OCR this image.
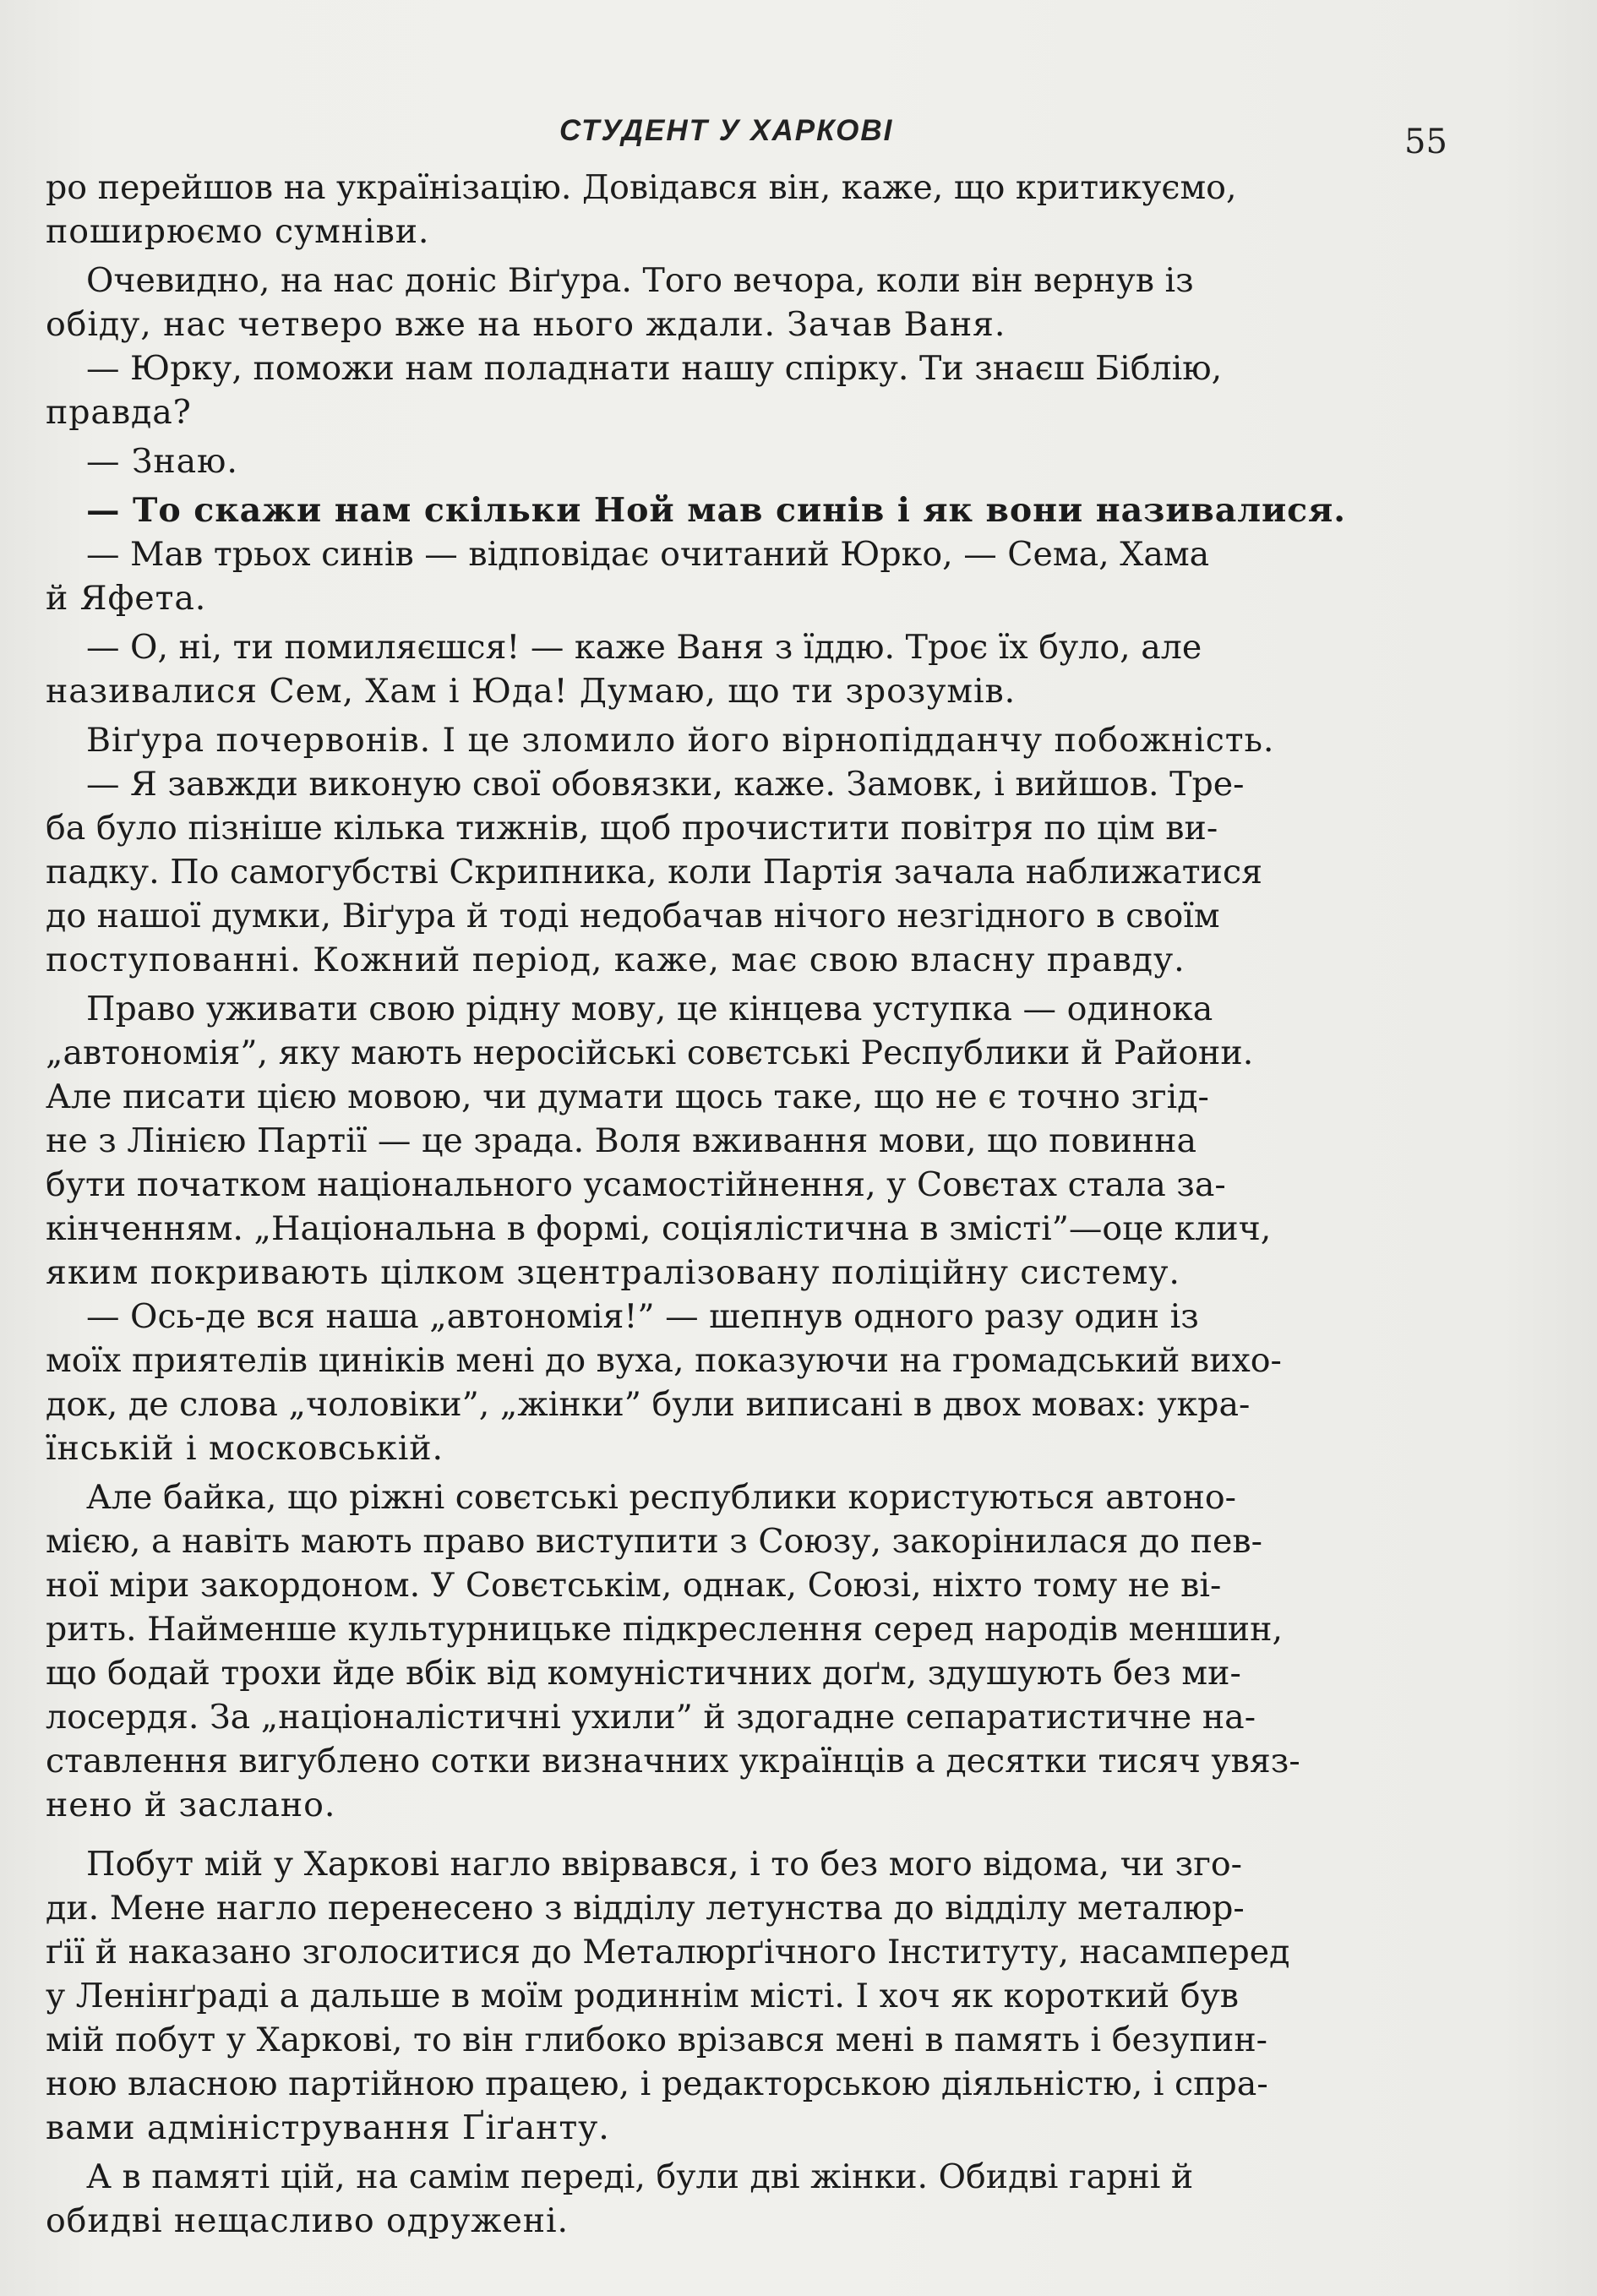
СТУДЕНТ У ХАРКОВІ	55
ро перейшов на українізацію. Довідався він, каже, що критикуємо,
поширюємо сумніви.
Очевидно, на нас доніс Віґура. Того вечора, коли він вернув із
обіду, нас четверо вже на нього ждали. Зачав Ваня.
— Юрку, поможи нам поладнати нашу спірку. Ти знаєш Біблію,
правда?
— Знаю.
— То скажи нам скільки Ной мав синів і як вони називалися.
— Мав трьох синів — відповідає очитаний Юрко, — Сема, Хама
й Яфета.
— О, ні, ти помиляєшся! — каже Ваня з їддю. Троє їх було, але
називалися Сем, Хам і Юда! Думаю, що ти зрозумів.
Віґура почервонів. І це зломило його вірнопідданчу побожність.
— Я завжди виконую свої обовязки, каже. Замовк, і вийшов. Тре-
ба було пізніше кілька тижнів, щоб прочистити повітря по цім ви-
падку. По самогубстві Скрипника, коли Партія зачала наближатися
до нашої думки, Віґура й тоді недобачав нічого незгідного в своїм
поступованні. Кожний період, каже, має свою власну правду.
Право уживати свою рідну мову, це кінцева уступка — одинока
„автономія”, яку мають неросійські совєтські Республики й Райони.
Але писати цією мовою, чи думати щось таке, що не є точно згід-
не з Лінією Партії — це зрада. Воля вживання мови, що повинна
бути початком національного усамостійнення, у Совєтах стала за-
кінченням. „Національна в формі, соціялістична в змісті”—оце клич,
яким покривають цілком зцентралізовану поліційну систему.
— Ось-де вся наша „автономія!” — шепнув одного разу один із
моїх приятелів циніків мені до вуха, показуючи на громадський вихо-
док, де слова „чоловіки”, „жінки” були виписані в двох мовах: укра-
їнській і московській.
Але байка, що ріжні совєтські республики користуються автоно-
мією, а навіть мають право виступити з Союзу, закорінилася до пев-
ної міри закордоном. У Совєтськім, однак, Союзі, ніхто тому не ві-
рить. Найменше культурницьке підкреслення серед народів меншин,
що бодай трохи йде вбік від комуністичних доґм, здушують без ми-
лосердя. За „націоналістичні ухили” й здогадне сепаратистичне на-
ставлення вигублено сотки визначних українців а десятки тисяч увяз-
нено й заслано.
Побут мій у Харкові нагло ввірвався, і то без мого відома, чи зго-
ди. Мене нагло перенесено з відділу летунства до відділу металюр-
ґії й наказано зголоситися до Металюрґічного Інституту, насамперед
у Ленінґраді а дальше в моїм родиннім місті. І хоч як короткий був
мій побут у Харкові, то він глибоко врізався мені в память і безупин-
ною власною партійною працею, і редакторською діяльністю, і спра-
вами адміністрування Ґіґанту.
А в памяті цій, на самім переді, були дві жінки. Обидві гарні й
обидві нещасливо одружені.
